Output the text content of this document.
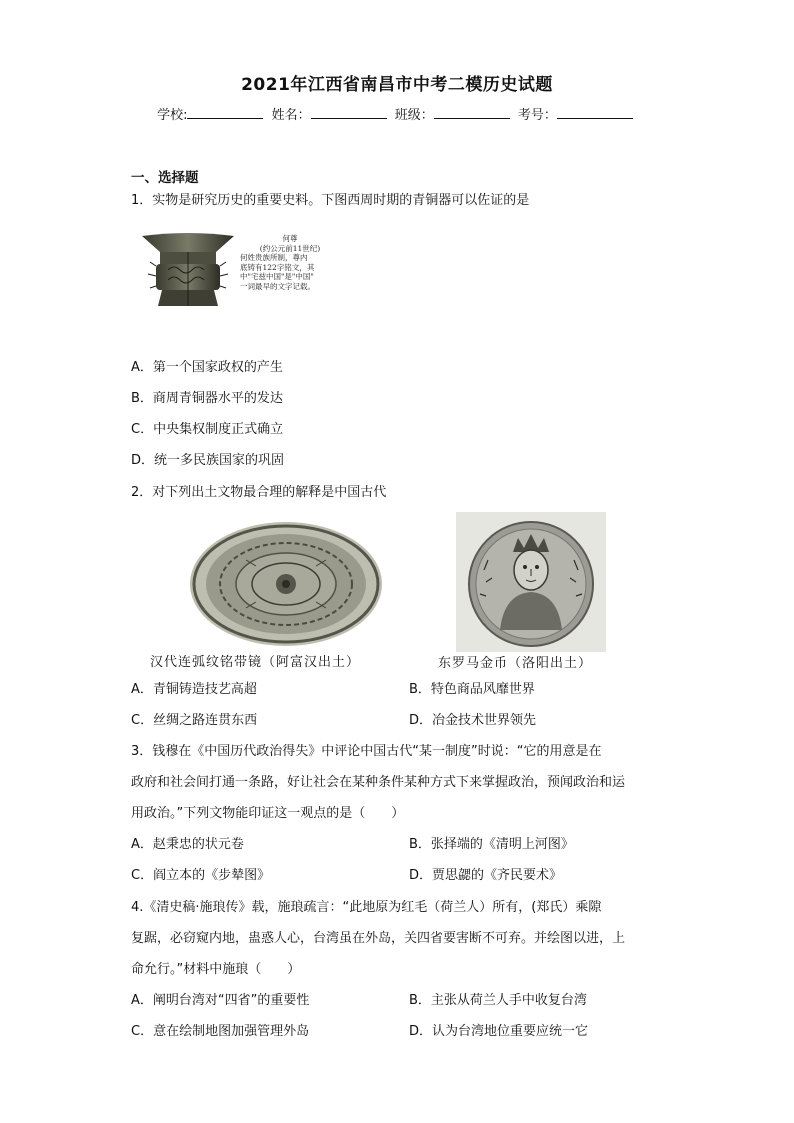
2021年江西省南昌市中考二模历史试题
学校:	姓名：	班级：	考号：
一、选择题
1．实物是研究历史的重要史料。下图西周时期的青铜器可以佐证的是
何尊
(约公元前11世纪)
何姓贵族所制，尊内
底铸有122字铭文，其
中"宅兹中国"是"中国"
一词最早的文字记载。
A．第一个国家政权的产生
B．商周青铜器水平的发达
C．中央集权制度正式确立
D．统一多民族国家的巩固
2．对下列出土文物最合理的解释是中国古代
汉代连弧纹铭带镜（阿富汉出土）	东罗马金币（洛阳出土）
A．青铜铸造技艺高超	B．特色商品风靡世界
C．丝绸之路连贯东西	D．冶金技术世界领先
3．钱穆在《中国历代政治得失》中评论中国古代“某一制度”时说：“它的用意是在
政府和社会间打通一条路，好让社会在某种条件某种方式下来掌握政治，预闻政治和运
用政治。”下列文物能印证这一观点的是（　　）
A．赵秉忠的状元卷	B．张择端的《清明上河图》
C．阎立本的《步辇图》	D．贾思勰的《齐民要术》
4.《清史稿·施琅传》载，施琅疏言：“此地原为红毛（荷兰人）所有，(郑氏）乘隙
复踞，必窃窥内地，蛊惑人心，台湾虽在外岛，关四省要害断不可弃。并绘图以进，上
命允行。”材料中施琅（　　）
A．阐明台湾对“四省”的重要性	B．主张从荷兰人手中收复台湾
C．意在绘制地图加强管理外岛	D．认为台湾地位重要应统一它
